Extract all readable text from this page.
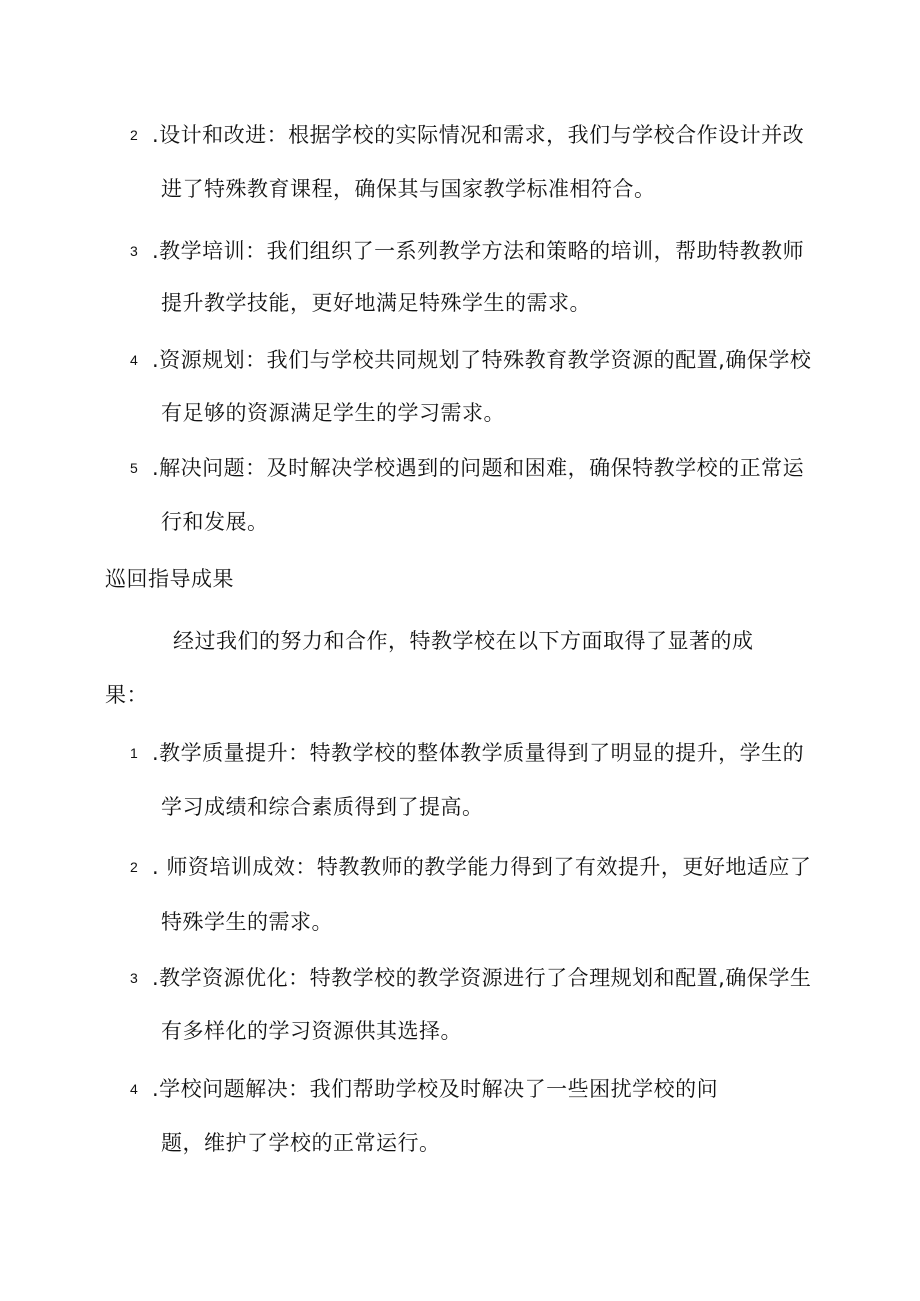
2 .设计和改进：根据学校的实际情况和需求，我们与学校合作设计并改
进了特殊教育课程，确保其与国家教学标准相符合。
3 .教学培训：我们组织了一系列教学方法和策略的培训，帮助特教教师
提升教学技能，更好地满足特殊学生的需求。
4 .资源规划：我们与学校共同规划了特殊教育教学资源的配置,确保学校
有足够的资源满足学生的学习需求。
5 .解决问题：及时解决学校遇到的问题和困难，确保特教学校的正常运
行和发展。
巡回指导成果
经过我们的努力和合作，特教学校在以下方面取得了显著的成
果：
1 .教学质量提升：特教学校的整体教学质量得到了明显的提升，学生的
学习成绩和综合素质得到了提高。
2 . 师资培训成效：特教教师的教学能力得到了有效提升，更好地适应了
特殊学生的需求。
3 .教学资源优化：特教学校的教学资源进行了合理规划和配置,确保学生
有多样化的学习资源供其选择。
4 .学校问题解决：我们帮助学校及时解决了一些困扰学校的问
题，维护了学校的正常运行。
